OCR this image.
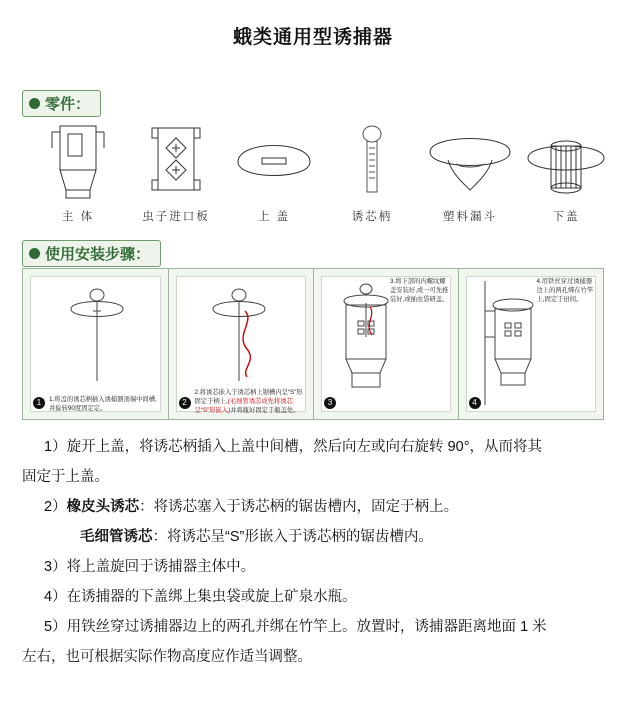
蛾类通用型诱捕器
零件：
主 体	虫子进口板	上 盖	诱芯柄	塑料漏斗	下盖
使用安装步骤：
1	1.将盖的诱芯柄插入诱捕器顶端中间槽,并旋转90度固定定。
2
2.将诱芯嵌入于诱芯柄上锯槽内呈“S”形固定于柄上,(毛细管诱芯成先将诱芯呈“S”形嵌入)并将瓶好固定于瓶盖处。
3
3.将下部的内螺纹螺盖安装好,或一可先推装好,或插虫袋研盖。
4
4.用铁丝穿过诱捕器边上的两孔绑在竹竿上,固定于田间。

1）旋开上盖，将诱芯柄插入上盖中间槽，然后向左或向右旋转 90°，从而将其

固定于上盖。

2）橡皮头诱芯：将诱芯塞入于诱芯柄的锯齿槽内，固定于柄上。

毛细管诱芯：将诱芯呈“S”形嵌入于诱芯柄的锯齿槽内。

3）将上盖旋回于诱捕器主体中。

4）在诱捕器的下盖绑上集虫袋或旋上矿泉水瓶。

5）用铁丝穿过诱捕器边上的两孔并绑在竹竿上。放置时，诱捕器距离地面 1 米

左右，也可根据实际作物高度应作适当调整。
